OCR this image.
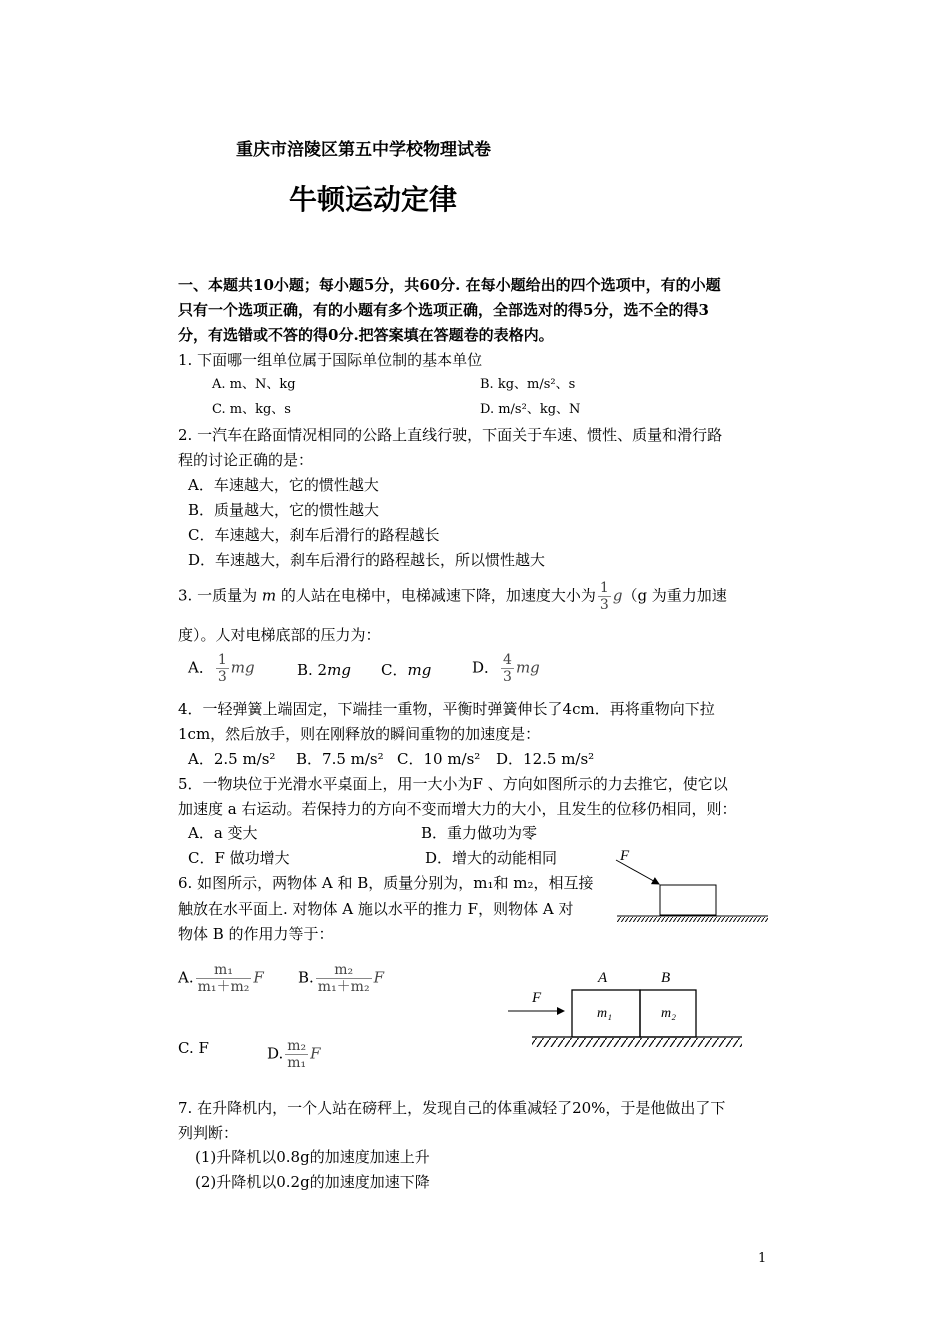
重庆市涪陵区第五中学校物理试卷
牛顿运动定律
一、本题共10小题；每小题5分，共60分. 在每小题给出的四个选项中，有的小题
只有一个选项正确，有的小题有多个选项正确，全部选对的得5分，选不全的得3
分，有选错或不答的得0分.把答案填在答题卷的表格内。
1. 下面哪一组单位属于国际单位制的基本单位
A. m、N、kg	B. kg、m/s²、s
C. m、kg、s	D. m/s²、kg、N
2. 一汽车在路面情况相同的公路上直线行驶，下面关于车速、惯性、质量和滑行路
程的讨论正确的是：
A．车速越大，它的惯性越大
B．质量越大，它的惯性越大
C．车速越大，刹车后滑行的路程越长
D．车速越大，刹车后滑行的路程越长，所以惯性越大
3. 一质量为 m 的人站在电梯中，电梯减速下降，加速度大小为 $\frac{1}{3} g(g$ 为重力加速
度）。人对电梯底部的压力为：
A． $\frac{1}{3}$ mg	B. 2mg C．mg	D． $\frac{4}{3}$ mg
4．一轻弹簧上端固定，下端挂一重物，平衡时弹簧伸长了4cm．再将重物向下拉
1cm，然后放手，则在刚释放的瞬间重物的加速度是：
A．2.5 m/s² B．7.5 m/s² C．10 m/s² D．12.5 m/s²
5．一物块位于光滑水平桌面上，用一大小为F 、方向如图所示的力去推它，使它以
加速度 a 右运动。若保持力的方向不变而增大力的大小，且发生的位移仍相同，则：
A．a 变大	B．重力做功为零
C．F 做功增大	D．增大的动能相同	F
6. 如图所示，两物体 A 和 B，质量分别为，m₁和 m₂，相互接
触放在水平面上. 对物体 A 施以水平的推力 F，则物体 A 对
物体 B 的作用力等于：
A. $\frac{\text{m₁}}{\text{m₁＋m₂}}$ F B. $\frac{\text{m₂}}{\text{m₁＋m₂}}$ F
C. F	D. $\frac{\text{m₂}}{\text{m₁}}$ F
F
A	B
m₁	m₂
7. 在升降机内，一个人站在磅秤上，发现自己的体重减轻了20%，于是他做出了下
列判断：
(1)升降机以0.8g的加速度加速上升
(2)升降机以0.2g的加速度加速下降
1
